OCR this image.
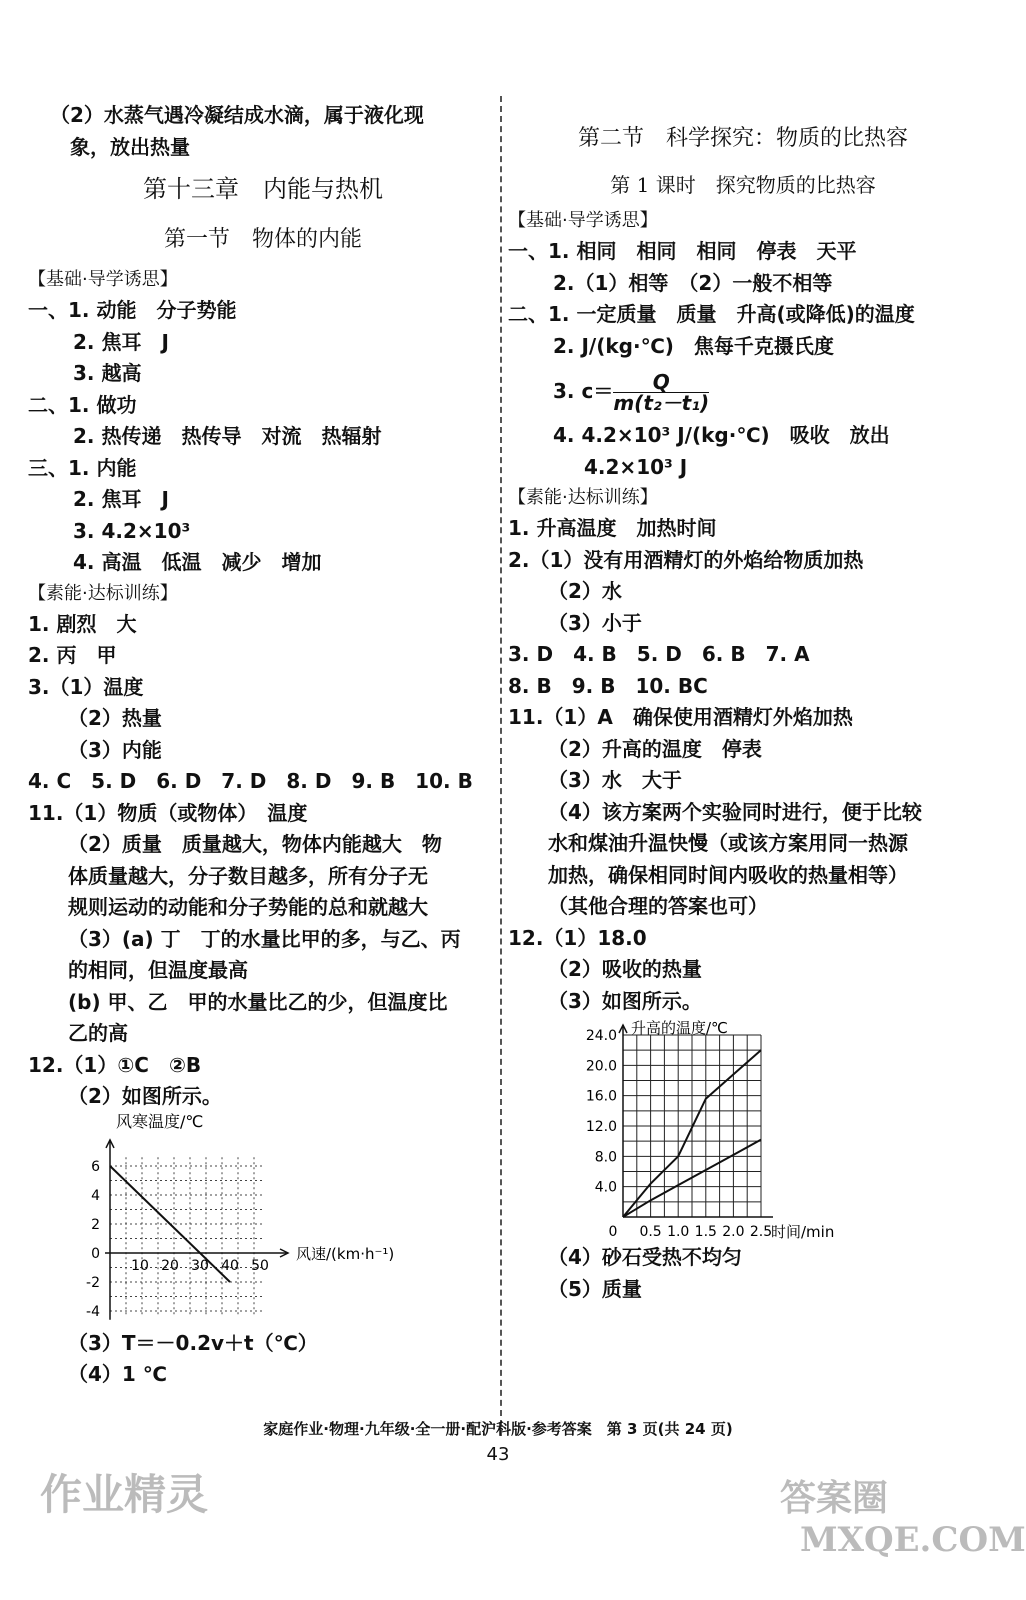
（2）水蒸气遇冷凝结成水滴，属于液化现
象，放出热量
第十三章　内能与热机
第一节　物体的内能
【基础·导学诱思】
一、1. 动能　分子势能
2. 焦耳　J
3. 越高
二、1. 做功
2. 热传递　热传导　对流　热辐射
三、1. 内能
2. 焦耳　J
3. 4.2×10³
4. 高温　低温　减少　增加
【素能·达标训练】
1. 剧烈　大
2. 丙　甲
3.（1）温度
（2）热量
（3）内能
4. C　5. D　6. D　7. D　8. D　9. B　10. B
11.（1）物质（或物体）　温度
（2）质量　质量越大，物体内能越大　物
体质量越大，分子数目越多，所有分子无
规则运动的动能和分子势能的总和就越大
（3）(a) 丁　丁的水量比甲的多，与乙、丙
的相同，但温度最高
(b) 甲、乙　甲的水量比乙的少，但温度比
乙的高
12.（1）①C　②B
（2）如图所示。
风寒温度/℃
风速/(km·h⁻¹)
6
4
2
0
-2
-4
10 20 30 40 50
（3）T＝－0.2v＋t（℃）
（4）1 ℃
第二节　科学探究：物质的比热容
第 1 课时　探究物质的比热容
【基础·导学诱思】
一、1. 相同　相同　相同　停表　天平
2.（1）相等　（2）一般不相等
二、1. 一定质量　质量　升高(或降低)的温度
2. J/(kg·℃)　焦每千克摄氏度
3. $c= \frac{Q}{\text{m(t₂－t₁)}}$
4. 4.2×10³ J/(kg·℃)　吸收　放出
4.2×10³ J
【素能·达标训练】
1. 升高温度　加热时间
2.（1）没有用酒精灯的外焰给物质加热
（2）水
（3）小于
3. D　4. B　5. D　6. B　7. A
8. B　9. B　10. BC
11.（1）A　确保使用酒精灯外焰加热
（2）升高的温度　停表
（3）水　大于
（4）该方案两个实验同时进行，便于比较
水和煤油升温快慢（或该方案用同一热源
加热，确保相同时间内吸收的热量相等）
（其他合理的答案也可）
12.（1）18.0
（2）吸收的热量
（3）如图所示。
升高的温度/℃
时间/min
4.0
8.0
12.0
16.0
20.0
24.0
0 0.5 1.0 1.5 2.0 2.5
（4）砂石受热不均匀
（5）质量
家庭作业·物理·九年级·全一册·配沪科版·参考答案　第 3 页(共 24 页)
43
作业精灵	答案圈
MXQE.COM
